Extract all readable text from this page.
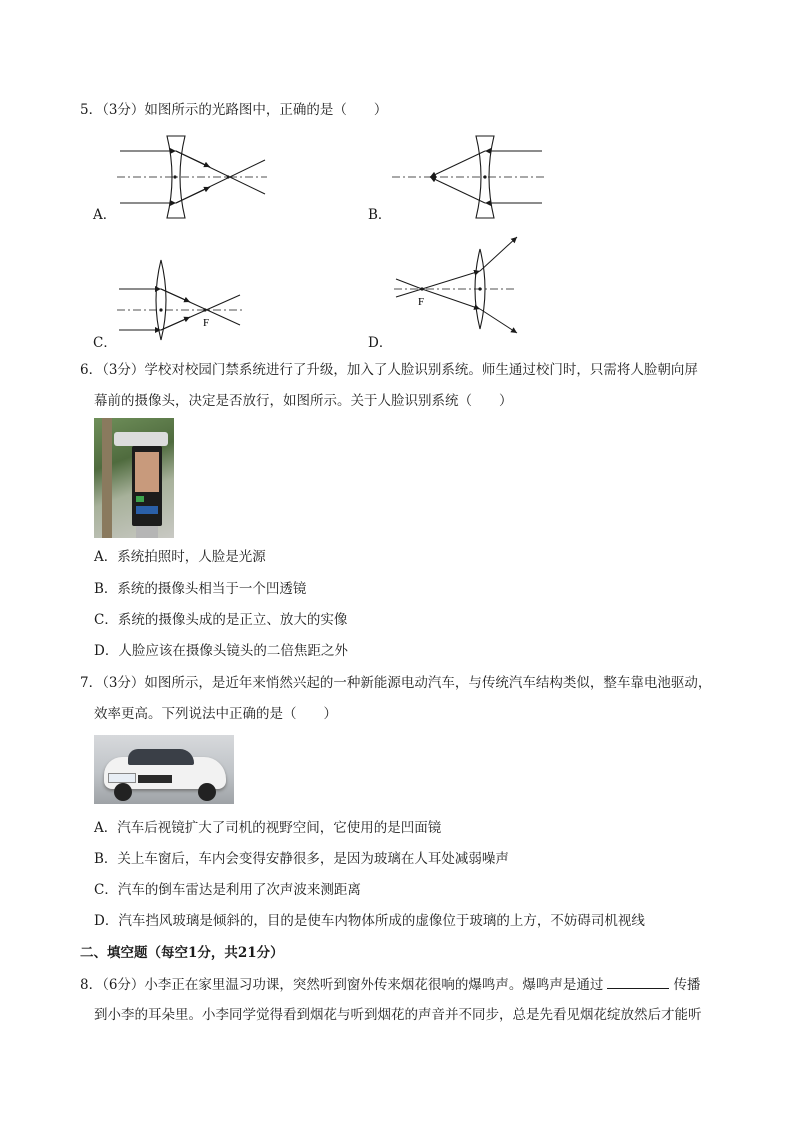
5．（3分）如图所示的光路图中，正确的是（　　）
A．	B．
C．
F
D．
F
6．（3分）学校对校园门禁系统进行了升级，加入了人脸识别系统。师生通过校门时，只需将人脸朝向屏
幕前的摄像头，决定是否放行，如图所示。关于人脸识别系统（　　）
A．系统拍照时，人脸是光源
B．系统的摄像头相当于一个凹透镜
C．系统的摄像头成的是正立、放大的实像
D．人脸应该在摄像头镜头的二倍焦距之外
7．（3分）如图所示，是近年来悄然兴起的一种新能源电动汽车，与传统汽车结构类似，整车靠电池驱动，
效率更高。下列说法中正确的是（　　）
A．汽车后视镜扩大了司机的视野空间，它使用的是凹面镜
B．关上车窗后，车内会变得安静很多，是因为玻璃在人耳处减弱噪声
C．汽车的倒车雷达是利用了次声波来测距离
D．汽车挡风玻璃是倾斜的，目的是使车内物体所成的虚像位于玻璃的上方，不妨碍司机视线
二、填空题（每空1分，共21分）
8．（6分）小李正在家里温习功课，突然听到窗外传来烟花很响的爆鸣声。爆鸣声是通过	传播
到小李的耳朵里。小李同学觉得看到烟花与听到烟花的声音并不同步，总是先看见烟花绽放然后才能听
